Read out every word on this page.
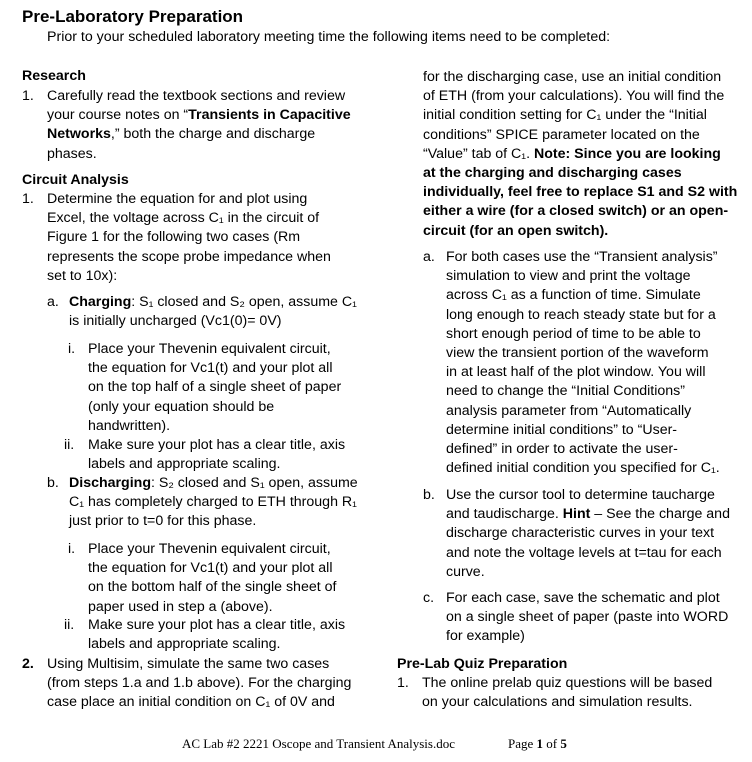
Pre-Laboratory Preparation
Prior to your scheduled laboratory meeting time the following items need to be completed:
Research
1. Carefully read the textbook sections and review
your course notes on “Transients in Capacitive
Networks,” both the charge and discharge
phases.
Circuit Analysis
1. Determine the equation for and plot using
Excel, the voltage across C₁ in the circuit of
Figure 1 for the following two cases (Rm
represents the scope probe impedance when
set to 10x):
a. Charging: S₁ closed and S₂ open, assume C₁
is initially uncharged (Vc1(0)= 0V)
i. Place your Thevenin equivalent circuit,
the equation for Vc1(t) and your plot all
on the top half of a single sheet of paper
(only your equation should be
handwritten).
ii. Make sure your plot has a clear title, axis
labels and appropriate scaling.
b. Discharging: S₂ closed and S₁ open, assume
C₁ has completely charged to ETH through R₁
just prior to t=0 for this phase.
i. Place your Thevenin equivalent circuit,
the equation for Vc1(t) and your plot all
on the bottom half of the single sheet of
paper used in step a (above).
ii. Make sure your plot has a clear title, axis
labels and appropriate scaling.
2. Using Multisim, simulate the same two cases
(from steps 1.a and 1.b above). For the charging
case place an initial condition on C₁ of 0V and
for the discharging case, use an initial condition
of ETH (from your calculations). You will find the
initial condition setting for C₁ under the “Initial
conditions” SPICE parameter located on the
“Value” tab of C₁. Note: Since you are looking
at the charging and discharging cases
individually, feel free to replace S1 and S2 with
either a wire (for a closed switch) or an open-
circuit (for an open switch).
a. For both cases use the “Transient analysis”
simulation to view and print the voltage
across C₁ as a function of time. Simulate
long enough to reach steady state but for a
short enough period of time to be able to
view the transient portion of the waveform
in at least half of the plot window. You will
need to change the “Initial Conditions”
analysis parameter from “Automatically
determine initial conditions” to “User-
defined” in order to activate the user-
defined initial condition you specified for C₁.
b. Use the cursor tool to determine taucharge
and taudischarge. Hint – See the charge and
discharge characteristic curves in your text
and note the voltage levels at t=tau for each
curve.
c. For each case, save the schematic and plot
on a single sheet of paper (paste into WORD
for example)
Pre-Lab Quiz Preparation
1. The online prelab quiz questions will be based
on your calculations and simulation results.
AC Lab #2 2221 Oscope and Transient Analysis.doc	Page 1 of 5
